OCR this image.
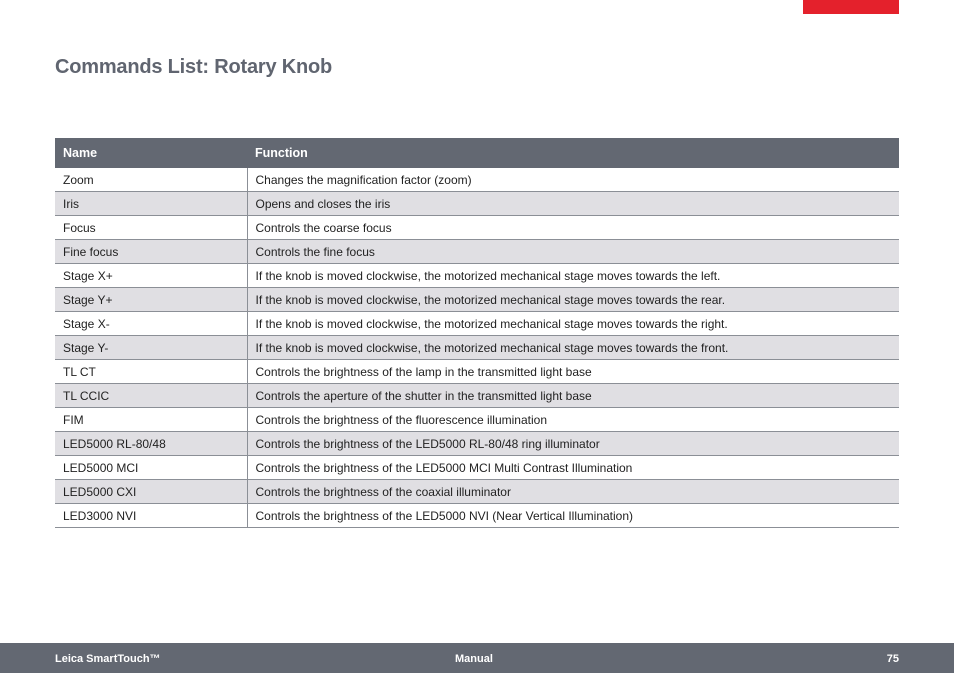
Commands List: Rotary Knob
Name	Function
Zoom	Changes the magnification factor (zoom)
Iris	Opens and closes the iris
Focus	Controls the coarse focus
Fine focus	Controls the fine focus
Stage X+	If the knob is moved clockwise, the motorized mechanical stage moves towards the left.
Stage Y+	If the knob is moved clockwise, the motorized mechanical stage moves towards the rear.
Stage X-	If the knob is moved clockwise, the motorized mechanical stage moves towards the right.
Stage Y-	If the knob is moved clockwise, the motorized mechanical stage moves towards the front.
TL CT	Controls the brightness of the lamp in the transmitted light base
TL CCIC	Controls the aperture of the shutter in the transmitted light base
FIM	Controls the brightness of the fluorescence illumination
LED5000 RL-80/48	Controls the brightness of the LED5000 RL-80/48 ring illuminator
LED5000 MCI	Controls the brightness of the LED5000 MCI Multi Contrast Illumination
LED5000 CXI	Controls the brightness of the coaxial illuminator
LED3000 NVI	Controls the brightness of the LED5000 NVI (Near Vertical Illumination)
Leica SmartTouch™	Manual	75
